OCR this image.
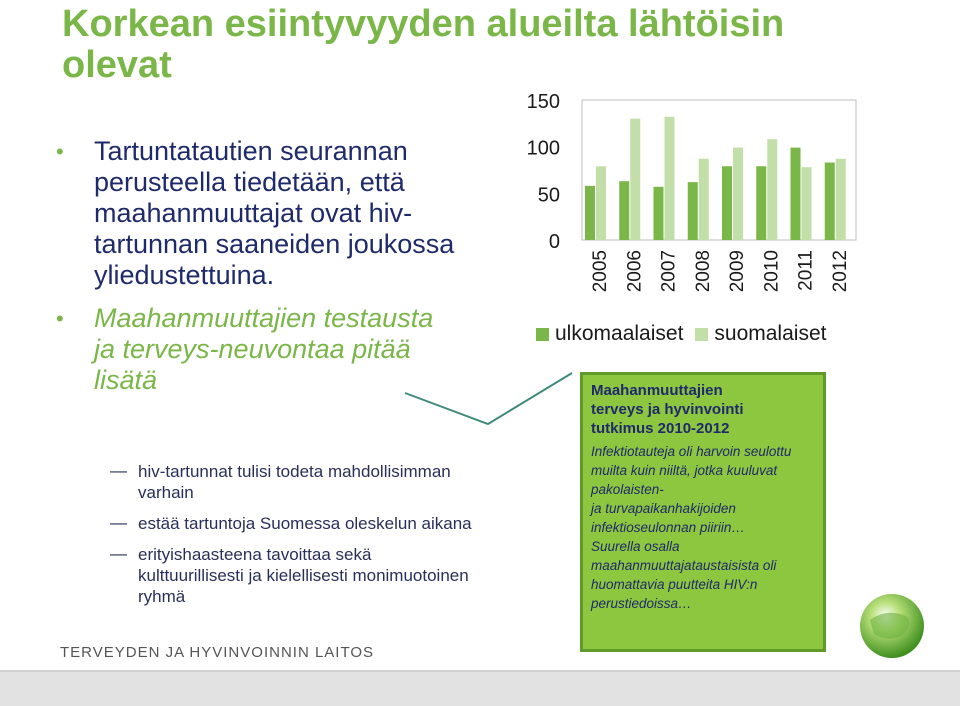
Korkean esiintyvyyden alueilta lähtöisin olevat
• Tartuntatautien seurannan perusteella tiedetään, että maahanmuuttajat ovat hiv-tartunnan saaneiden joukossa yliedustettuina.
• Maahanmuuttajien testausta ja terveys-neuvontaa pitää lisätä
— hiv-tartunnat tulisi todeta mahdollisimman varhain
— estää tartuntoja Suomessa oleskelun aikana
— erityishaasteena tavoittaa sekä kulttuurillisesti ja kielellisesti monimuotoinen ryhmä
0
50
100
150
2005 2006 2007 2008 2009 2010 2011 2012
ulkomaalaiset suomalaiset
Maahanmuuttajien
terveys ja hyvinvointi
tutkimus 2010-2012
Infektiotauteja oli harvoin seulottu
muilta kuin niiltä, jotka kuuluvat
pakolaisten-
ja turvapaikanhakijoiden
infektioseulonnan piiriin…
Suurella osalla
maahanmuuttajataustaisista oli
huomattavia puutteita HIV:n
perustiedoissa…
TERVEYDEN JA HYVINVOINNIN LAITOS
